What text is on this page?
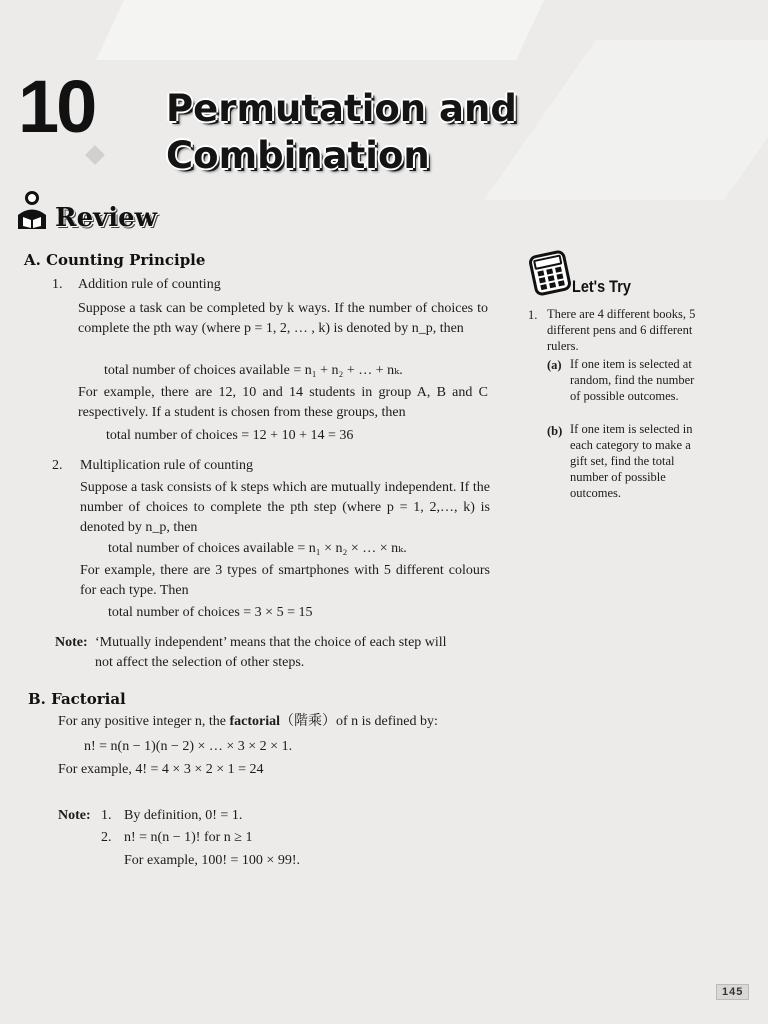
10 Permutation and
Combination
Review
A. Counting Principle
1. Addition rule of counting
Suppose a task can be completed by k ways. If the number of choices to complete the pth way (where p = 1, 2, … , k) is denoted by n_p, then
total number of choices available = n₁ + n₂ + … + nₖ.
For example, there are 12, 10 and 14 students in group A, B and C respectively. If a student is chosen from these groups, then
total number of choices = 12 + 10 + 14 = 36
2. Multiplication rule of counting
Suppose a task consists of k steps which are mutually independent. If the number of choices to complete the pth step (where p = 1, 2,…, k) is denoted by n_p, then
total number of choices available = n₁ × n₂ × … × nₖ.
For example, there are 3 types of smartphones with 5 different colours for each type. Then
total number of choices = 3 × 5 = 15
Note: ‘Mutually independent’ means that the choice of each step will
not affect the selection of other steps.
B. Factorial
For any positive integer n, the factorial（階乘）of n is defined by:
n! = n(n − 1)(n − 2) × … × 3 × 2 × 1.
For example, 4! = 4 × 3 × 2 × 1 = 24
Note: 1. By definition, 0! = 1.
2. n! = n(n − 1)! for n ≥ 1
For example, 100! = 100 × 99!.
Let's Try
1. There are 4 different books, 5 different pens and 6 different rulers.
(a) If one item is selected at random, find the number of possible outcomes.
(b) If one item is selected in each category to make a gift set, find the total number of possible outcomes.
145
